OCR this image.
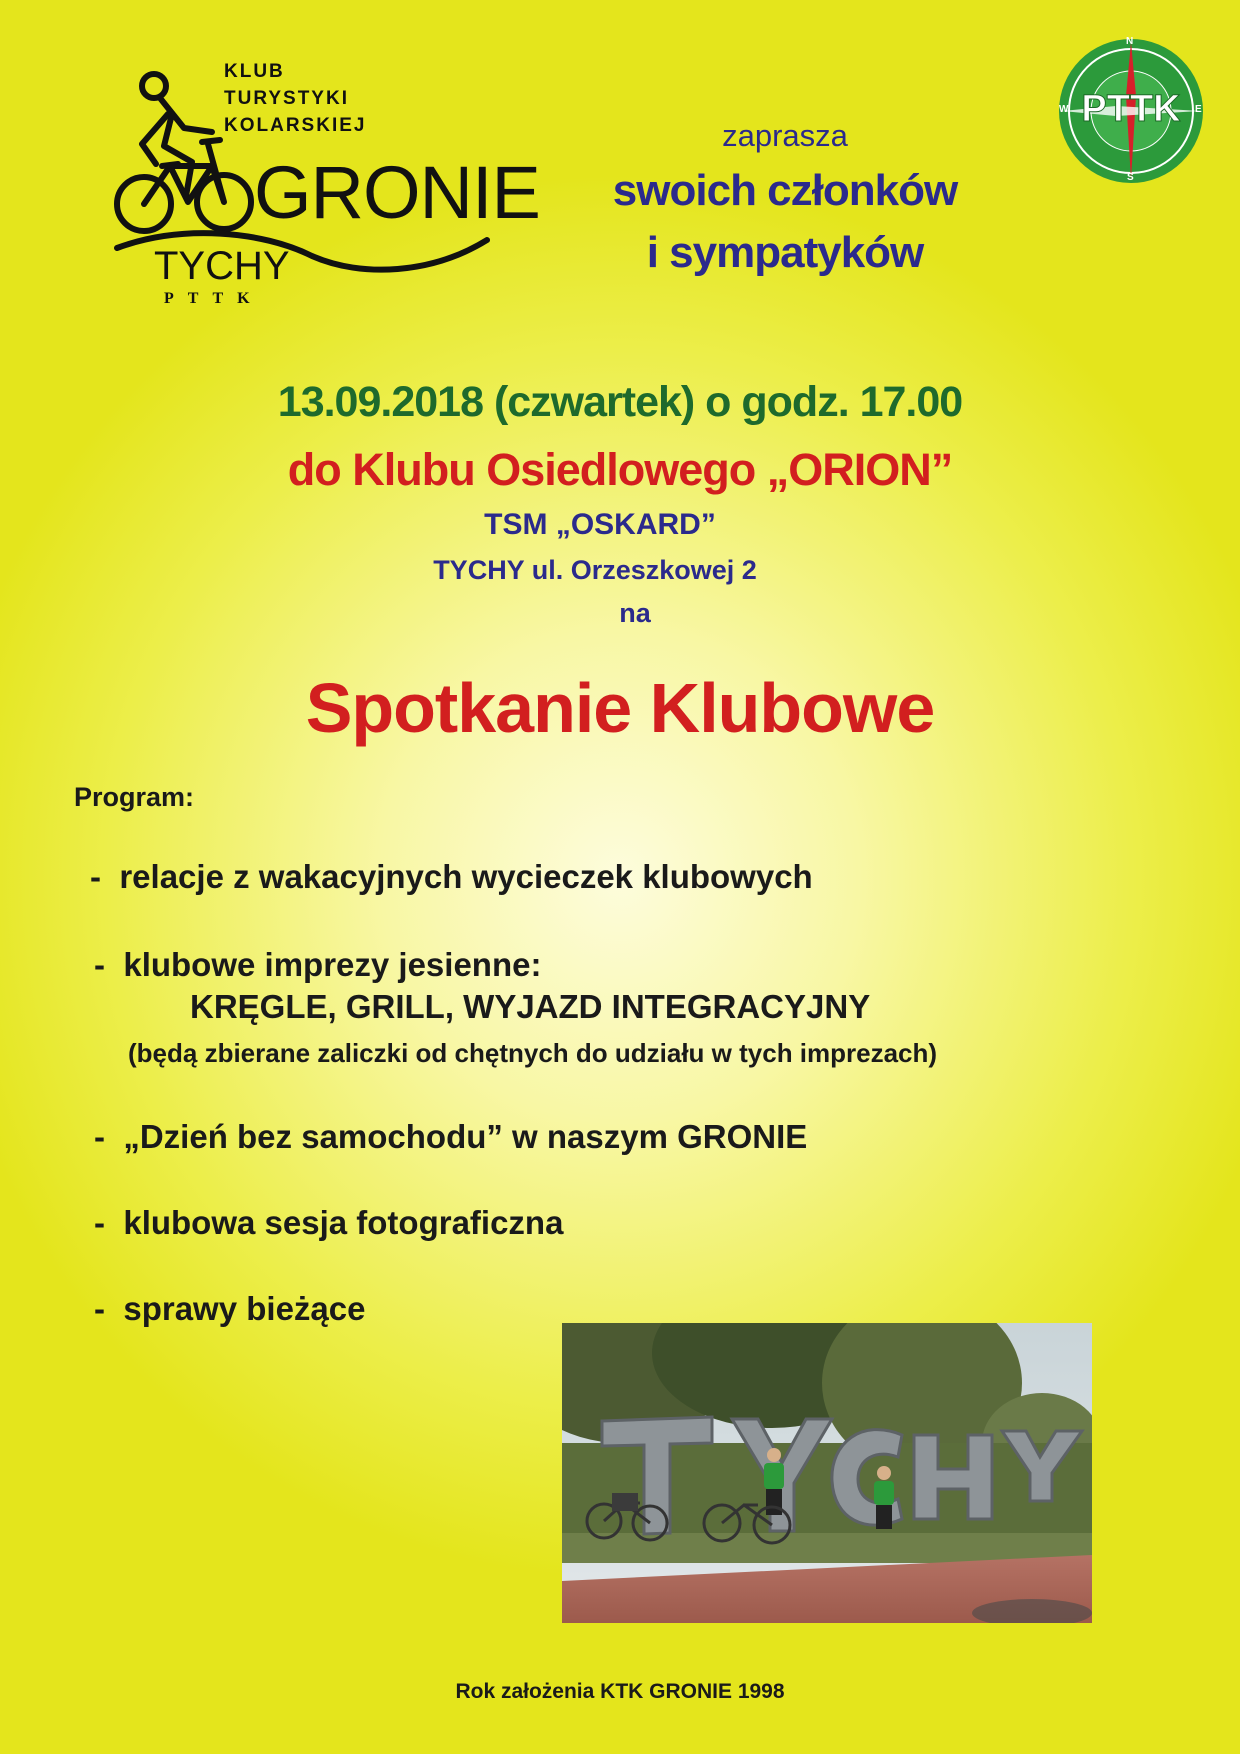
KLUB
TURYSTYKI
KOLARSKIEJ
GRONIE
TYCHY
PTTK
N
E
S
W PTTK
zaprasza
swoich członków
i sympatyków
13.09.2018 (czwartek) o godz. 17.00
do Klubu Osiedlowego „ORION”
TSM „OSKARD”
TYCHY ul. Orzeszkowej 2
na
Spotkanie Klubowe
Program:
- relacje z wakacyjnych wycieczek klubowych
- klubowe imprezy jesienne:
KRĘGLE, GRILL, WYJAZD INTEGRACYJNY
(będą zbierane zaliczki od chętnych do udziału w tych imprezach)
- „Dzień bez samochodu” w naszym GRONIE
- klubowa sesja fotograficzna
- sprawy bieżące
Rok założenia KTK GRONIE 1998
